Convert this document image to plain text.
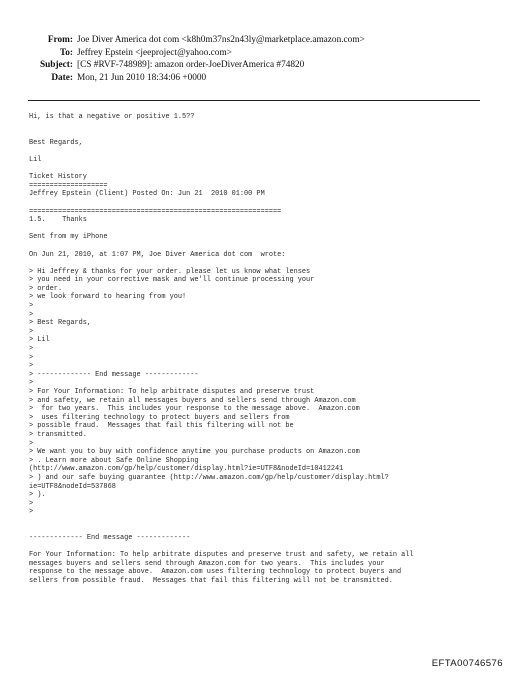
From: Joe Diver America dot com <k8h0m37ns2n43ly@marketplace.amazon.com>
To: Jeffrey Epstein <jeeproject@yahoo.com>
Subject: [CS #RVF-748989]: amazon order-JoeDiverAmerica #74820
Date: Mon, 21 Jun 2010 18:34:06 +0000
Hi, is that a negative or positive 1.5??

Best Regards,

Lil

Ticket History
===================
Jeffrey Epstein (Client) Posted On: Jun 21  2010 01:00 PM

=============================================================
1.5.    Thanks

Sent from my iPhone

On Jun 21, 2010, at 1:07 PM, Joe Diver America dot com  wrote:

> Hi Jeffrey & thanks for your order. please let us know what lenses
> you need in your corrective mask and we'll continue processing your
> order.
> we look forward to hearing from you!
>
>
> Best Regards,
>
> Lil
>
>
>
> ------------- End message -------------
>
> For Your Information: To help arbitrate disputes and preserve trust
> and safety, we retain all messages buyers and sellers send through Amazon.com
>  for two years.  This includes your response to the message above.  Amazon.com
>  uses filtering technology to protect buyers and sellers from
> possible fraud.  Messages that fail this filtering will not be
> transmitted.
>
> We want you to buy with confidence anytime you purchase products on Amazon.com
> . Learn more about Safe Online Shopping
(http://www.amazon.com/gp/help/customer/display.html?ie=UTF8&nodeId=10412241
> ) and our safe buying guarantee (http://www.amazon.com/gp/help/customer/display.html?
ie=UTF8&nodeId=537868
> ).
>
>

------------- End message -------------

For Your Information: To help arbitrate disputes and preserve trust and safety, we retain all
messages buyers and sellers send through Amazon.com for two years.  This includes your
response to the message above.  Amazon.com uses filtering technology to protect buyers and
sellers from possible fraud.  Messages that fail this filtering will not be transmitted.
EFTA00746576
